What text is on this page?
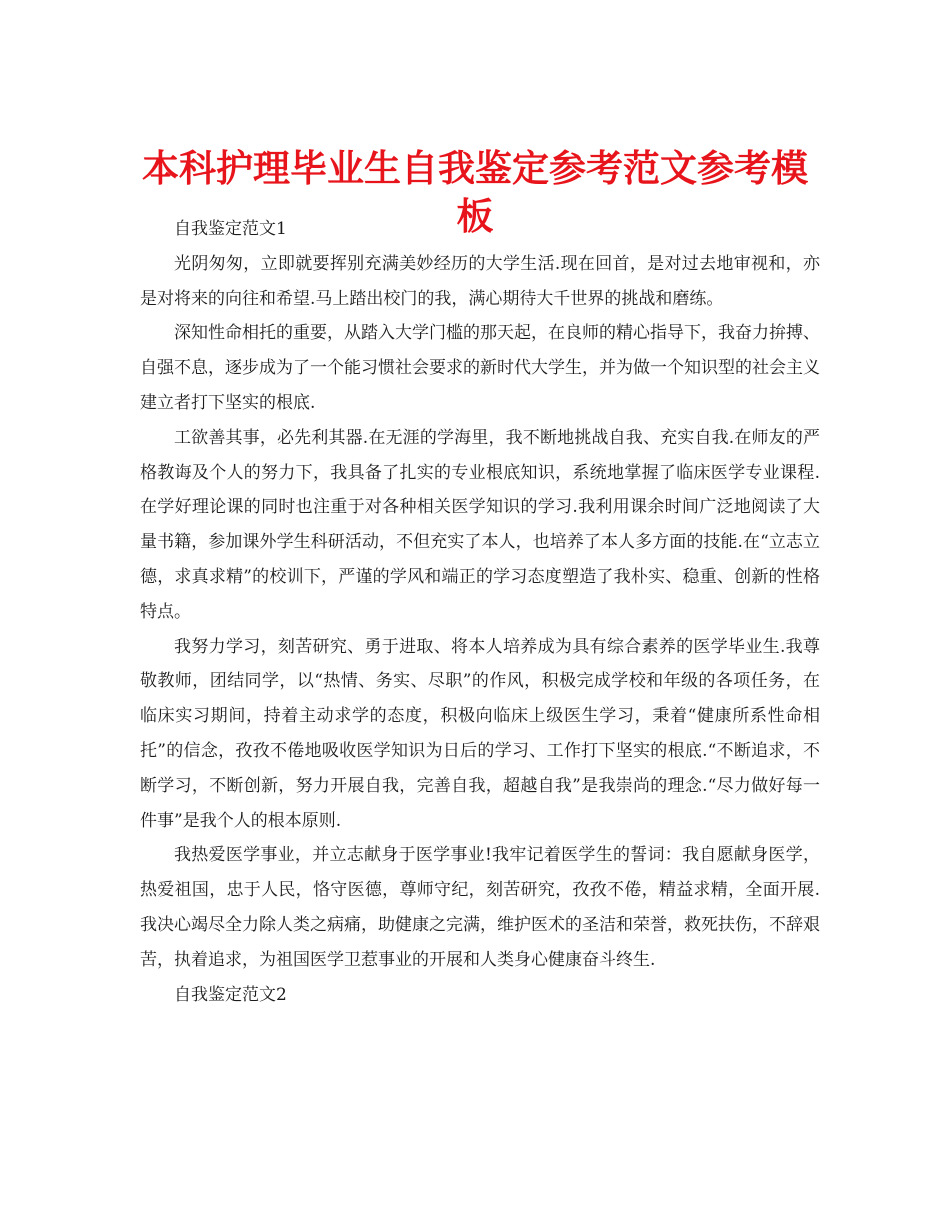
本科护理毕业生自我鉴定参考范文参考模板

自我鉴定范文1

光阴匆匆，立即就要挥别充满美妙经历的大学生活.现在回首，是对过去地审视和，亦是对将来的向往和希望.马上踏出校门的我，满心期待大千世界的挑战和磨练。

深知性命相托的重要，从踏入大学门槛的那天起，在良师的精心指导下，我奋力拚搏、自强不息，逐步成为了一个能习惯社会要求的新时代大学生，并为做一个知识型的社会主义建立者打下坚实的根底.

工欲善其事，必先利其器.在无涯的学海里，我不断地挑战自我、充实自我.在师友的严格教诲及个人的努力下，我具备了扎实的专业根底知识，系统地掌握了临床医学专业课程.在学好理论课的同时也注重于对各种相关医学知识的学习.我利用课余时间广泛地阅读了大量书籍，参加课外学生科研活动，不但充实了本人，也培养了本人多方面的技能.在“立志立德，求真求精”的校训下，严谨的学风和端正的学习态度塑造了我朴实、稳重、创新的性格特点。

我努力学习，刻苦研究、勇于进取、将本人培养成为具有综合素养的医学毕业生.我尊敬教师，团结同学，以“热情、务实、尽职”的作风，积极完成学校和年级的各项任务，在临床实习期间，持着主动求学的态度，积极向临床上级医生学习，秉着“健康所系性命相托”的信念，孜孜不倦地吸收医学知识为日后的学习、工作打下坚实的根底.“不断追求，不断学习，不断创新，努力开展自我，完善自我，超越自我”是我崇尚的理念.“尽力做好每一件事”是我个人的根本原则.

我热爱医学事业，并立志献身于医学事业!我牢记着医学生的誓词：我自愿献身医学，热爱祖国，忠于人民，恪守医德，尊师守纪，刻苦研究，孜孜不倦，精益求精，全面开展.我决心竭尽全力除人类之病痛，助健康之完满，维护医术的圣洁和荣誉，救死扶伤，不辞艰苦，执着追求，为祖国医学卫惹事业的开展和人类身心健康奋斗终生.

自我鉴定范文2
